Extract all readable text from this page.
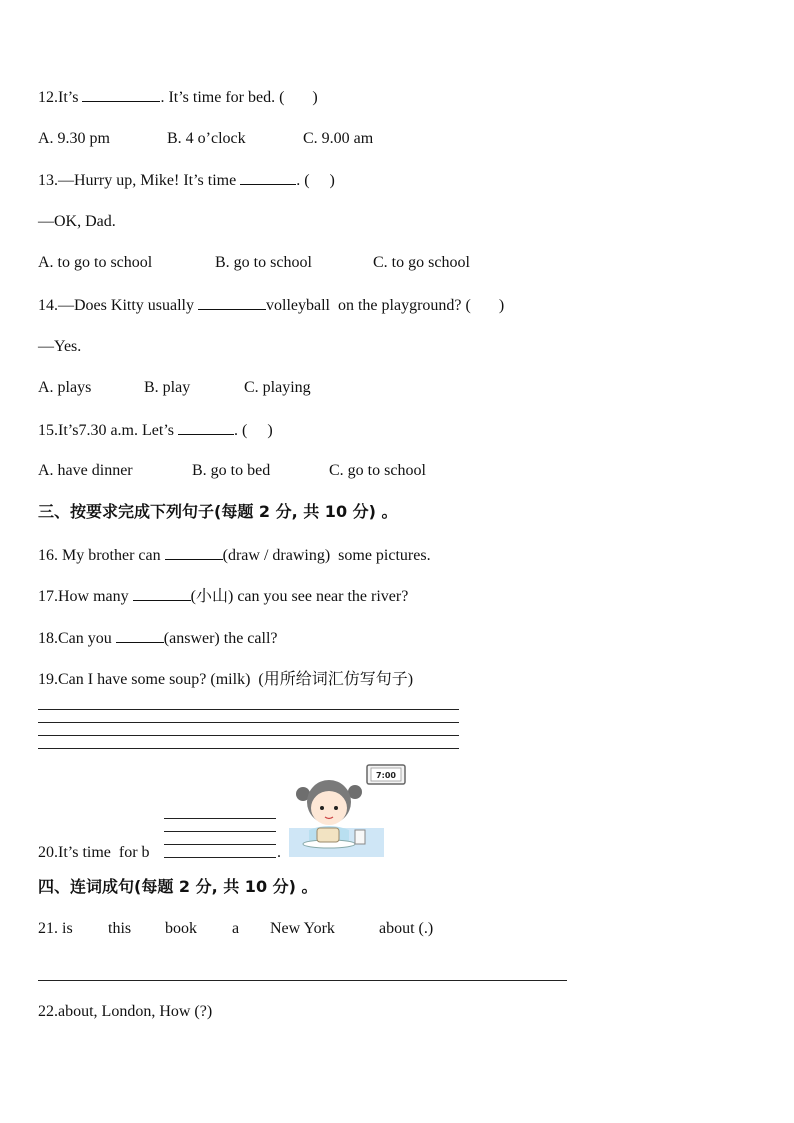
12.It’s	. It’s time for bed. (       )
A. 9.30 pm	B. 4 o’clock	C. 9.00 am
13.—Hurry up, Mike! It’s time	. (     )
—OK, Dad.
A. to go to school	B. go to school	C. to go school
14.—Does Kitty usually	volleyball  on the playground? (       )
—Yes.
A. plays	B. play	C. playing
15.It’s7.30 a.m. Let’s	. (     )
A. have dinner	B. go to bed	C. go to school
三、按要求完成下列句子(每题 2 分, 共 10 分) 。
16. My brother can	(draw / drawing)  some pictures.
17.How many	(小山) can you see near the river?
18.Can you	(answer) the call?
19.Can I have some soup? (milk)  (用所给词汇仿写句子)
20.It’s time  for b	.
7:00
四、连词成句(每题 2 分, 共 10 分) 。
21. is this book a New York	about (.)
22.about, London, How (?)
